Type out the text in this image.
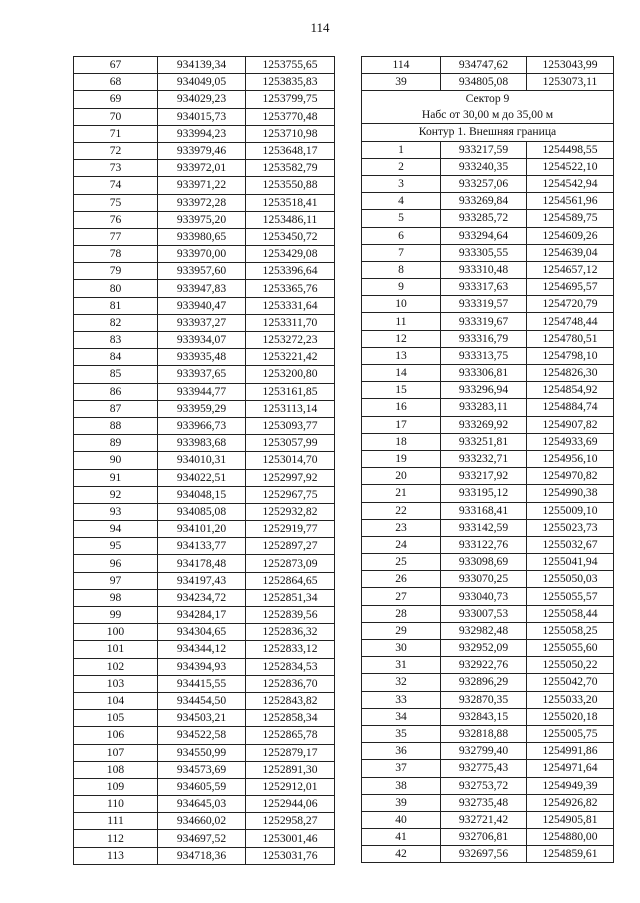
114
67	934139,34	1253755,65
68	934049,05	1253835,83
69	934029,23	1253799,75
70	934015,73	1253770,48
71	933994,23	1253710,98
72	933979,46	1253648,17
73	933972,01	1253582,79
74	933971,22	1253550,88
75	933972,28	1253518,41
76	933975,20	1253486,11
77	933980,65	1253450,72
78	933970,00	1253429,08
79	933957,60	1253396,64
80	933947,83	1253365,76
81	933940,47	1253331,64
82	933937,27	1253311,70
83	933934,07	1253272,23
84	933935,48	1253221,42
85	933937,65	1253200,80
86	933944,77	1253161,85
87	933959,29	1253113,14
88	933966,73	1253093,77
89	933983,68	1253057,99
90	934010,31	1253014,70
91	934022,51	1252997,92
92	934048,15	1252967,75
93	934085,08	1252932,82
94	934101,20	1252919,77
95	934133,77	1252897,27
96	934178,48	1252873,09
97	934197,43	1252864,65
98	934234,72	1252851,34
99	934284,17	1252839,56
100	934304,65	1252836,32
101	934344,12	1252833,12
102	934394,93	1252834,53
103	934415,55	1252836,70
104	934454,50	1252843,82
105	934503,21	1252858,34
106	934522,58	1252865,78
107	934550,99	1252879,17
108	934573,69	1252891,30
109	934605,59	1252912,01
110	934645,03	1252944,06
111	934660,02	1252958,27
112	934697,52	1253001,46
113	934718,36	1253031,76
114	934747,62	1253043,99
39	934805,08	1253073,11

Сектор 9
Набс от 30,00 м до 35,00 м		

Контур 1. Внешняя граница		
1	933217,59	1254498,55
2	933240,35	1254522,10
3	933257,06	1254542,94
4	933269,84	1254561,96
5	933285,72	1254589,75
6	933294,64	1254609,26
7	933305,55	1254639,04
8	933310,48	1254657,12
9	933317,63	1254695,57
10	933319,57	1254720,79
11	933319,67	1254748,44
12	933316,79	1254780,51
13	933313,75	1254798,10
14	933306,81	1254826,30
15	933296,94	1254854,92
16	933283,11	1254884,74
17	933269,92	1254907,82
18	933251,81	1254933,69
19	933232,71	1254956,10
20	933217,92	1254970,82
21	933195,12	1254990,38
22	933168,41	1255009,10
23	933142,59	1255023,73
24	933122,76	1255032,67
25	933098,69	1255041,94
26	933070,25	1255050,03
27	933040,73	1255055,57
28	933007,53	1255058,44
29	932982,48	1255058,25
30	932952,09	1255055,60
31	932922,76	1255050,22
32	932896,29	1255042,70
33	932870,35	1255033,20
34	932843,15	1255020,18
35	932818,88	1255005,75
36	932799,40	1254991,86
37	932775,43	1254971,64
38	932753,72	1254949,39
39	932735,48	1254926,82
40	932721,42	1254905,81
41	932706,81	1254880,00
42	932697,56	1254859,61
